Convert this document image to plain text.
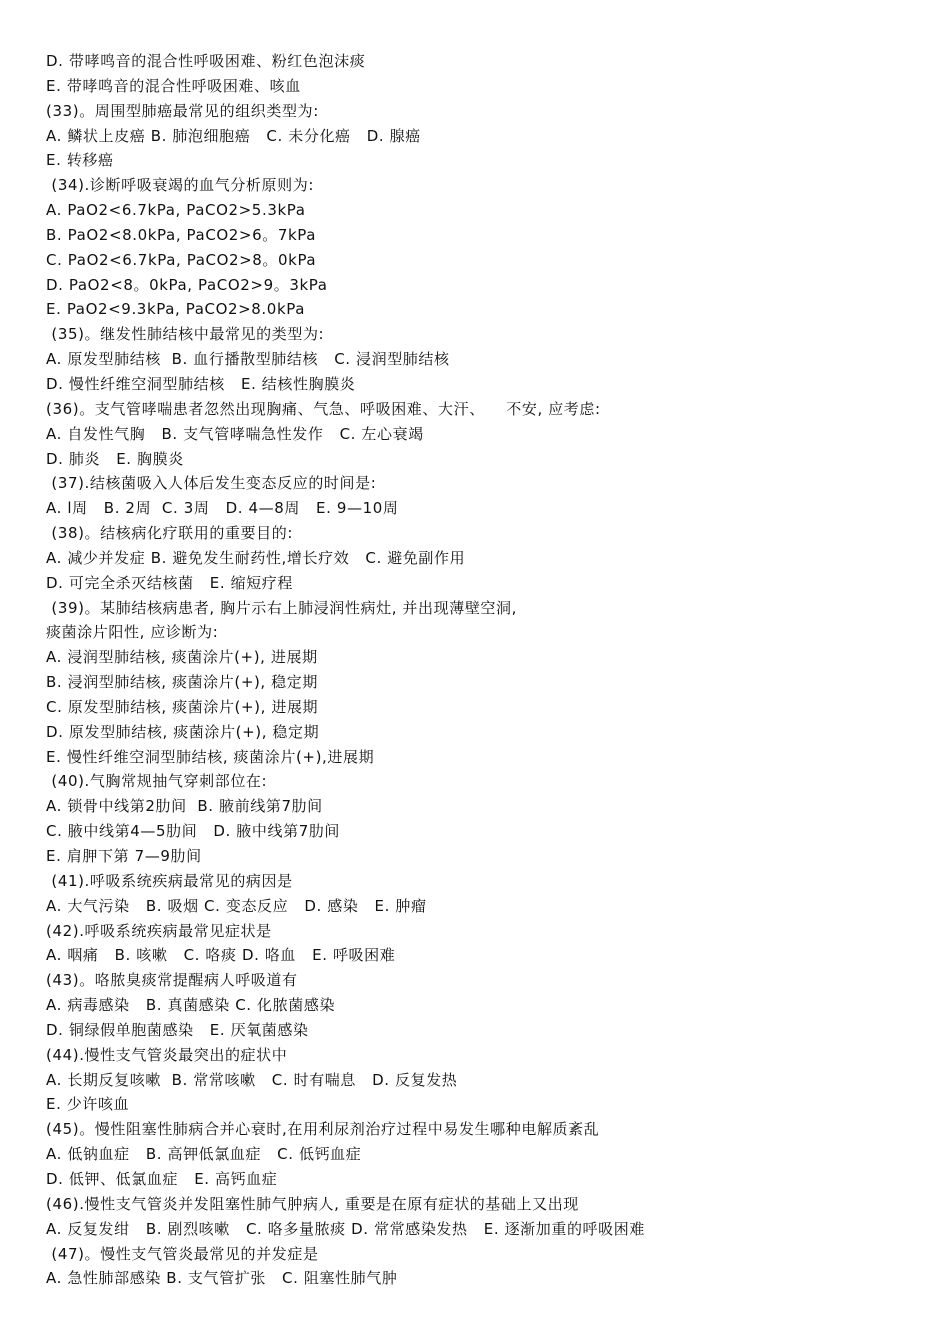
D. 带哮鸣音的混合性呼吸困难、粉红色泡沫痰
E. 带哮鸣音的混合性呼吸困难、咳血
(33)。周围型肺癌最常见的组织类型为:
A. 鳞状上皮癌 B. 肺泡细胞癌   C. 未分化癌   D. 腺癌
E. 转移癌
(34).诊断呼吸衰竭的血气分析原则为:
A. PaO2<6.7kPa, PaCO2>5.3kPa
B. PaO2<8.0kPa, PaCO2>6。7kPa
C. PaO2<6.7kPa, PaCO2>8。0kPa
D. PaO2<8。0kPa, PaCO2>9。3kPa
E. PaO2<9.3kPa, PaCO2>8.0kPa
(35)。继发性肺结核中最常见的类型为:
A. 原发型肺结核  B. 血行播散型肺结核   C. 浸润型肺结核
D. 慢性纤维空洞型肺结核   E. 结核性胸膜炎
(36)。支气管哮喘患者忽然出现胸痛、气急、呼吸困难、大汗、    不安, 应考虑:
A. 自发性气胸   B. 支气管哮喘急性发作   C. 左心衰竭
D. 肺炎   E. 胸膜炎
(37).结核菌吸入人体后发生变态反应的时间是:
A. l周   B. 2周  C. 3周   D. 4—8周   E. 9—10周
(38)。结核病化疗联用的重要目的:
A. 减少并发症 B. 避免发生耐药性,增长疗效   C. 避免副作用
D. 可完全杀灭结核菌   E. 缩短疗程
(39)。某肺结核病患者, 胸片示右上肺浸润性病灶, 并出现薄壁空洞,
痰菌涂片阳性, 应诊断为:
A. 浸润型肺结核, 痰菌涂片(+), 进展期
B. 浸润型肺结核, 痰菌涂片(+), 稳定期
C. 原发型肺结核, 痰菌涂片(+), 进展期
D. 原发型肺结核, 痰菌涂片(+), 稳定期
E. 慢性纤维空洞型肺结核, 痰菌涂片(+),进展期
(40).气胸常规抽气穿刺部位在:
A. 锁骨中线第2肋间  B. 腋前线第7肋间
C. 腋中线第4—5肋间   D. 腋中线第7肋间
E. 肩胛下第 7—9肋间
(41).呼吸系统疾病最常见的病因是
A. 大气污染   B. 吸烟 C. 变态反应   D. 感染   E. 肿瘤
(42).呼吸系统疾病最常见症状是
A. 咽痛   B. 咳嗽   C. 咯痰 D. 咯血   E. 呼吸困难
(43)。咯脓臭痰常提醒病人呼吸道有
A. 病毒感染   B. 真菌感染 C. 化脓菌感染
D. 铜绿假单胞菌感染   E. 厌氧菌感染
(44).慢性支气管炎最突出的症状中
A. 长期反复咳嗽  B. 常常咳嗽   C. 时有喘息   D. 反复发热
E. 少许咳血
(45)。慢性阻塞性肺病合并心衰时,在用利尿剂治疗过程中易发生哪种电解质紊乱
A. 低钠血症   B. 高钾低氯血症   C. 低钙血症
D. 低钾、低氯血症   E. 高钙血症
(46).慢性支气管炎并发阻塞性肺气肿病人, 重要是在原有症状的基础上又出现
A. 反复发绀   B. 剧烈咳嗽   C. 咯多量脓痰 D. 常常感染发热   E. 逐渐加重的呼吸困难
(47)。慢性支气管炎最常见的并发症是
A. 急性肺部感染 B. 支气管扩张   C. 阻塞性肺气肿
